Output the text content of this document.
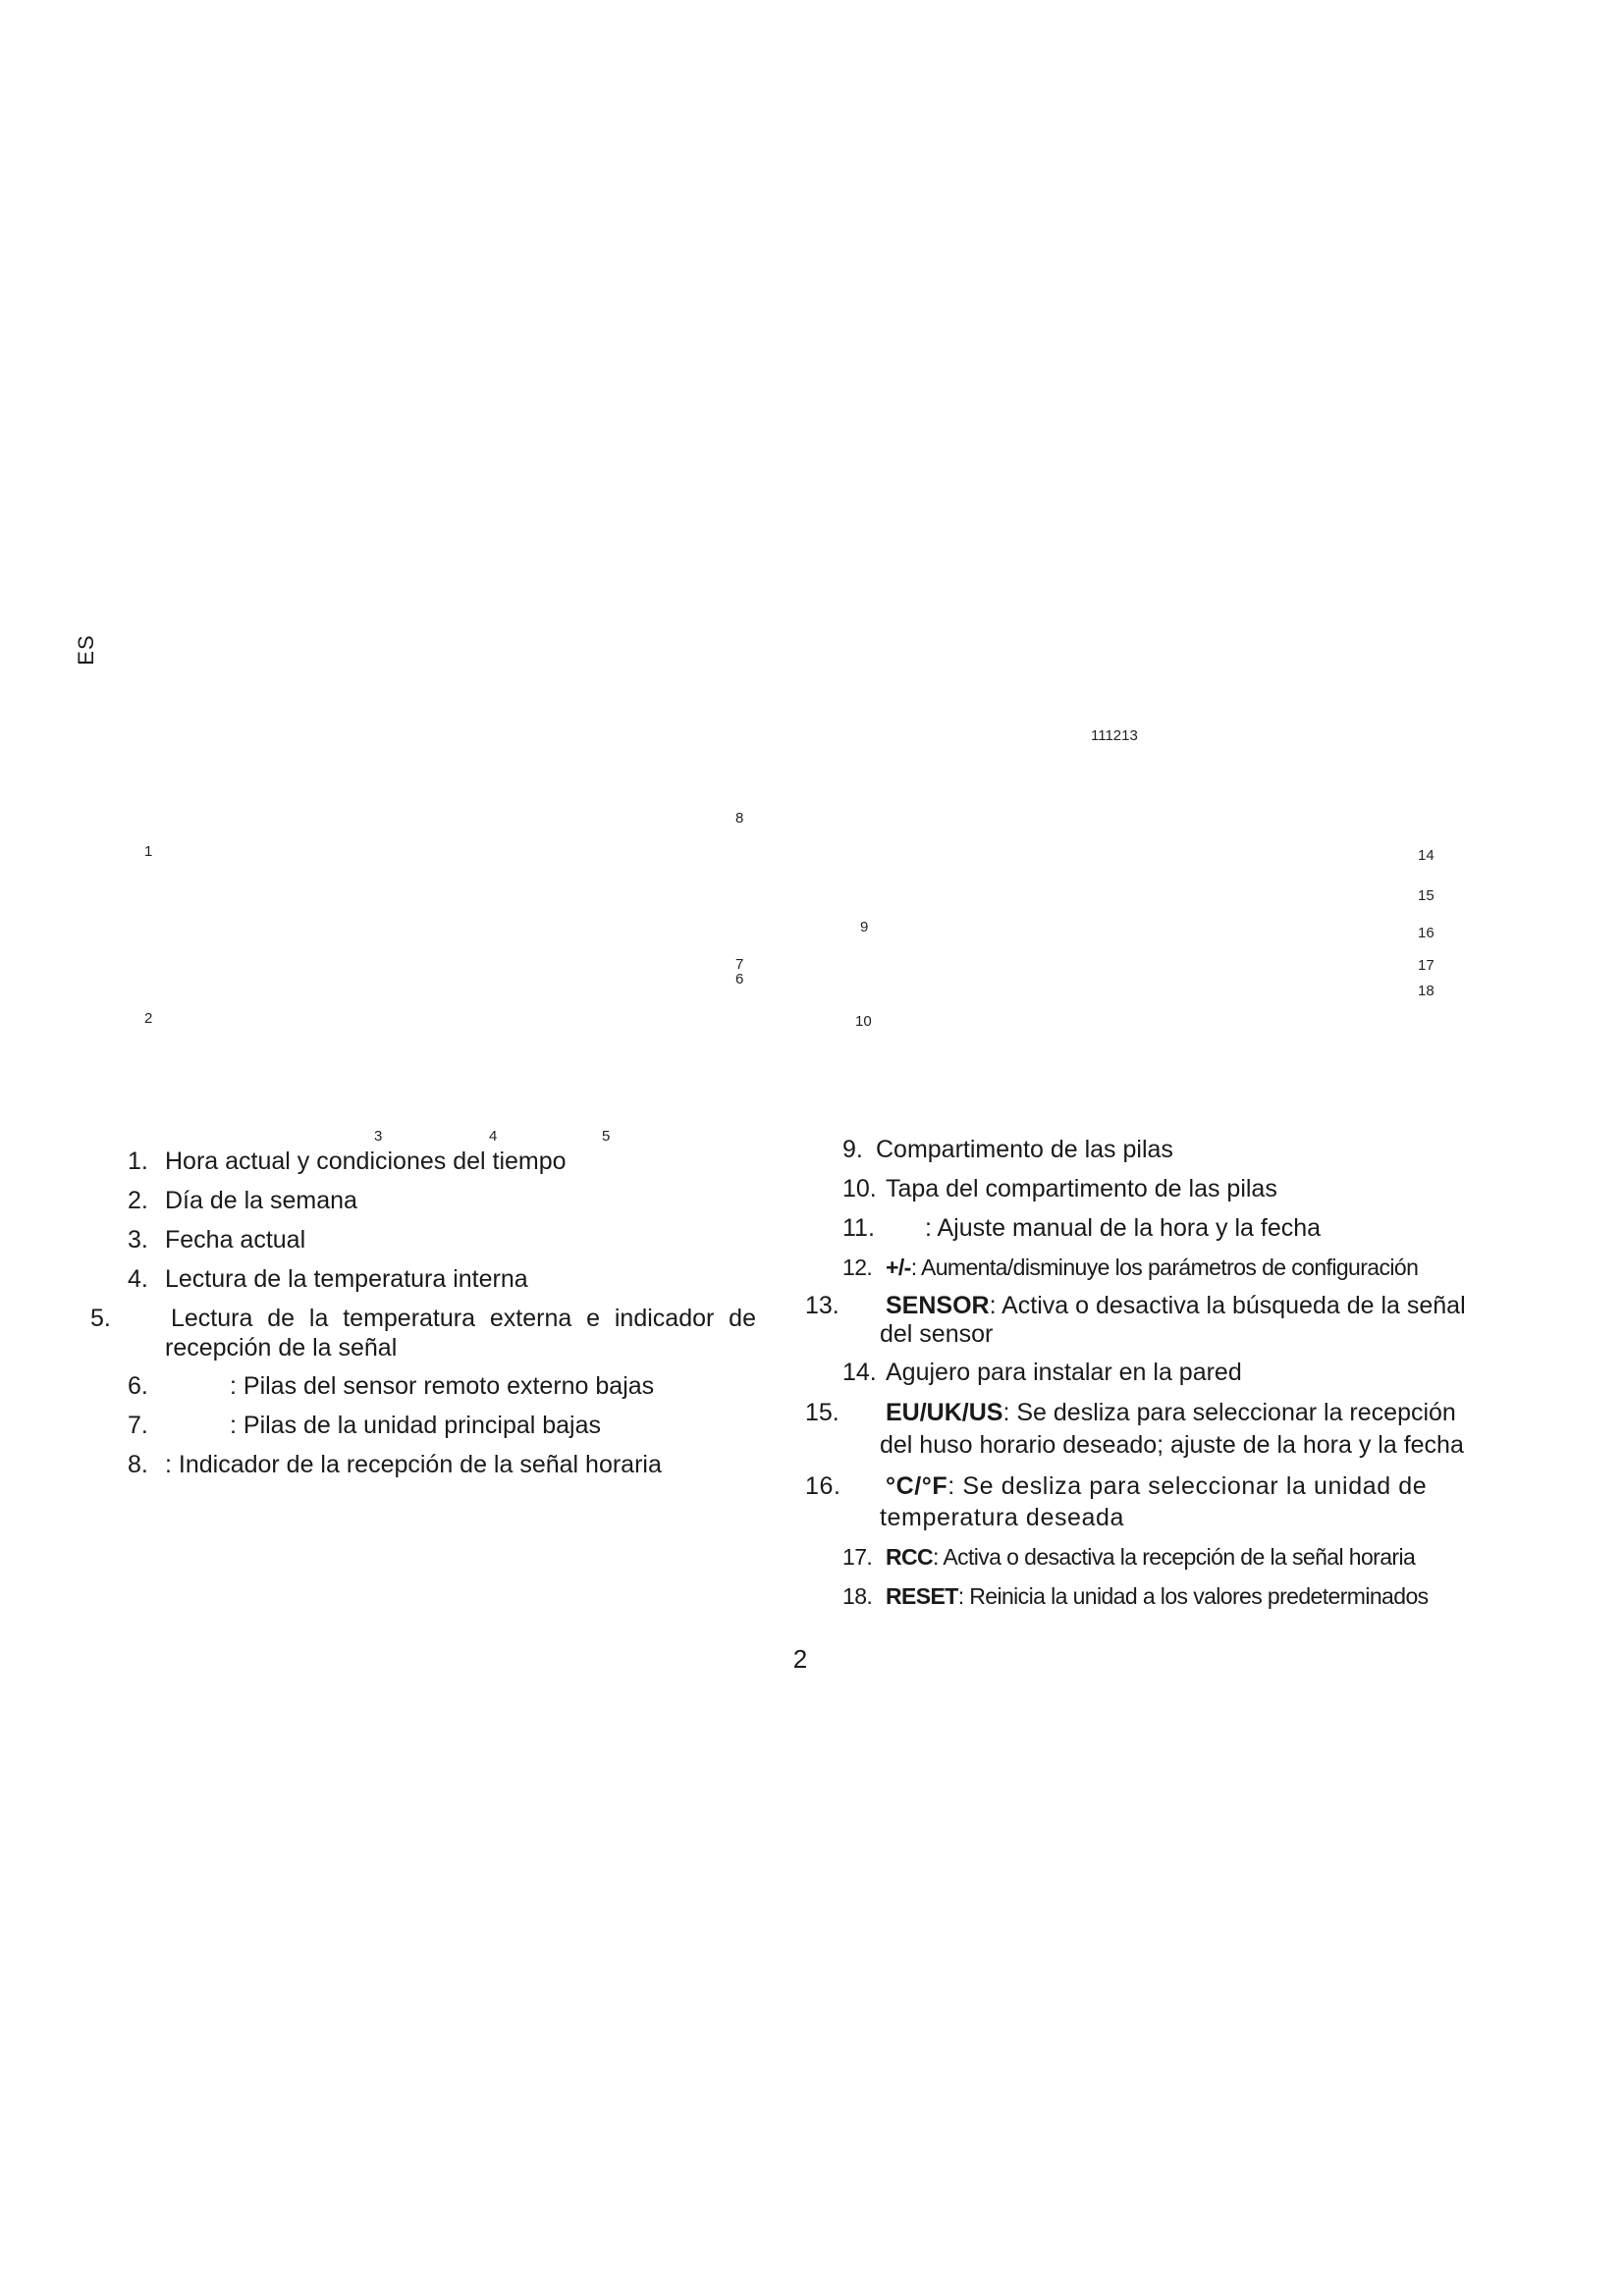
ES
1
2
3	4	5
6
7
8
9
10
111213
14
15
16
17
18
1. Hora actual y condiciones del tiempo
2. Día de la semana
3. Fecha actual
4. Lectura de la temperatura interna
5. Lectura de la temperatura externa e indicador de recepción de la señal
6.	: Pilas del sensor remoto externo bajas
7.	: Pilas de la unidad principal bajas
8. : Indicador de la recepción de la señal horaria
9. Compartimento de las pilas
10. Tapa del compartimento de las pilas
11. : Ajuste manual de la hora y la fecha
12. +/-: Aumenta/disminuye los parámetros de configuración
13. SENSOR: Activa o desactiva la búsqueda de la señal del sensor
14. Agujero para instalar en la pared
15. EU/UK/US: Se desliza para seleccionar la recepción del huso horario deseado; ajuste de la hora y la fecha
16. °C/°F: Se desliza para seleccionar la unidad de temperatura deseada
17. RCC: Activa o desactiva la recepción de la señal horaria
18. RESET: Reinicia la unidad a los valores predeterminados
2
